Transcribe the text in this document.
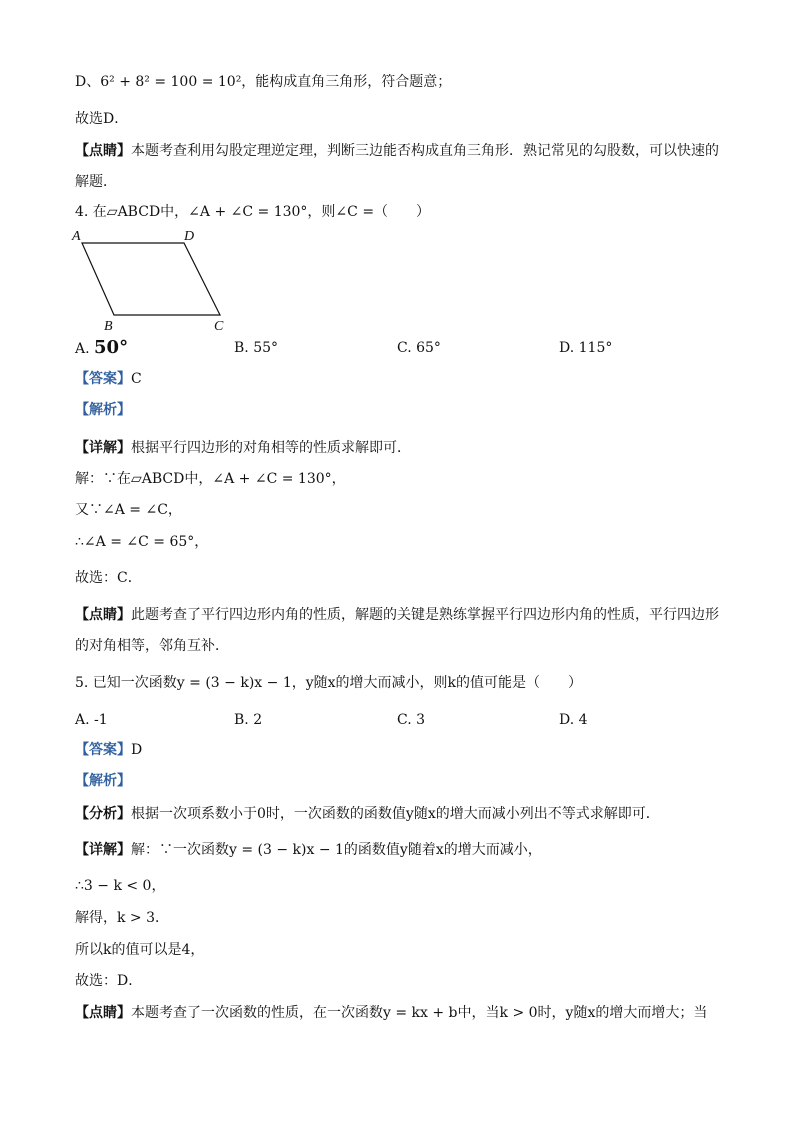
D、6² + 8² = 100 = 10²，能构成直角三角形，符合题意；
故选D．
【点睛】本题考查利用勾股定理逆定理，判断三边能否构成直角三角形．熟记常见的勾股数，可以快速的
解题．
4. 在▱ABCD中，∠A + ∠C = 130°，则∠C =（　　）
A	D
B	C
A. 50°	B. 55°	C. 65°	D. 115°
【答案】C
【解析】
【详解】根据平行四边形的对角相等的性质求解即可．
解：∵在▱ABCD中，∠A + ∠C = 130°，
又∵∠A = ∠C，
∴∠A = ∠C = 65°，
故选：C．
【点睛】此题考查了平行四边形内角的性质，解题的关键是熟练掌握平行四边形内角的性质，平行四边形
的对角相等，邻角互补．
5. 已知一次函数y = (3 − k)x − 1，y随x的增大而减小，则k的值可能是（　　）
A. -1	B. 2	C. 3	D. 4
【答案】D
【解析】
【分析】根据一次项系数小于0时，一次函数的函数值y随x的增大而减小列出不等式求解即可．
【详解】解：∵一次函数y = (3 − k)x − 1的函数值y随着x的增大而减小，
∴3 − k < 0，
解得，k > 3．
所以k的值可以是4，
故选：D．
【点睛】本题考查了一次函数的性质，在一次函数y = kx + b中，当k > 0时，y随x的增大而增大；当
